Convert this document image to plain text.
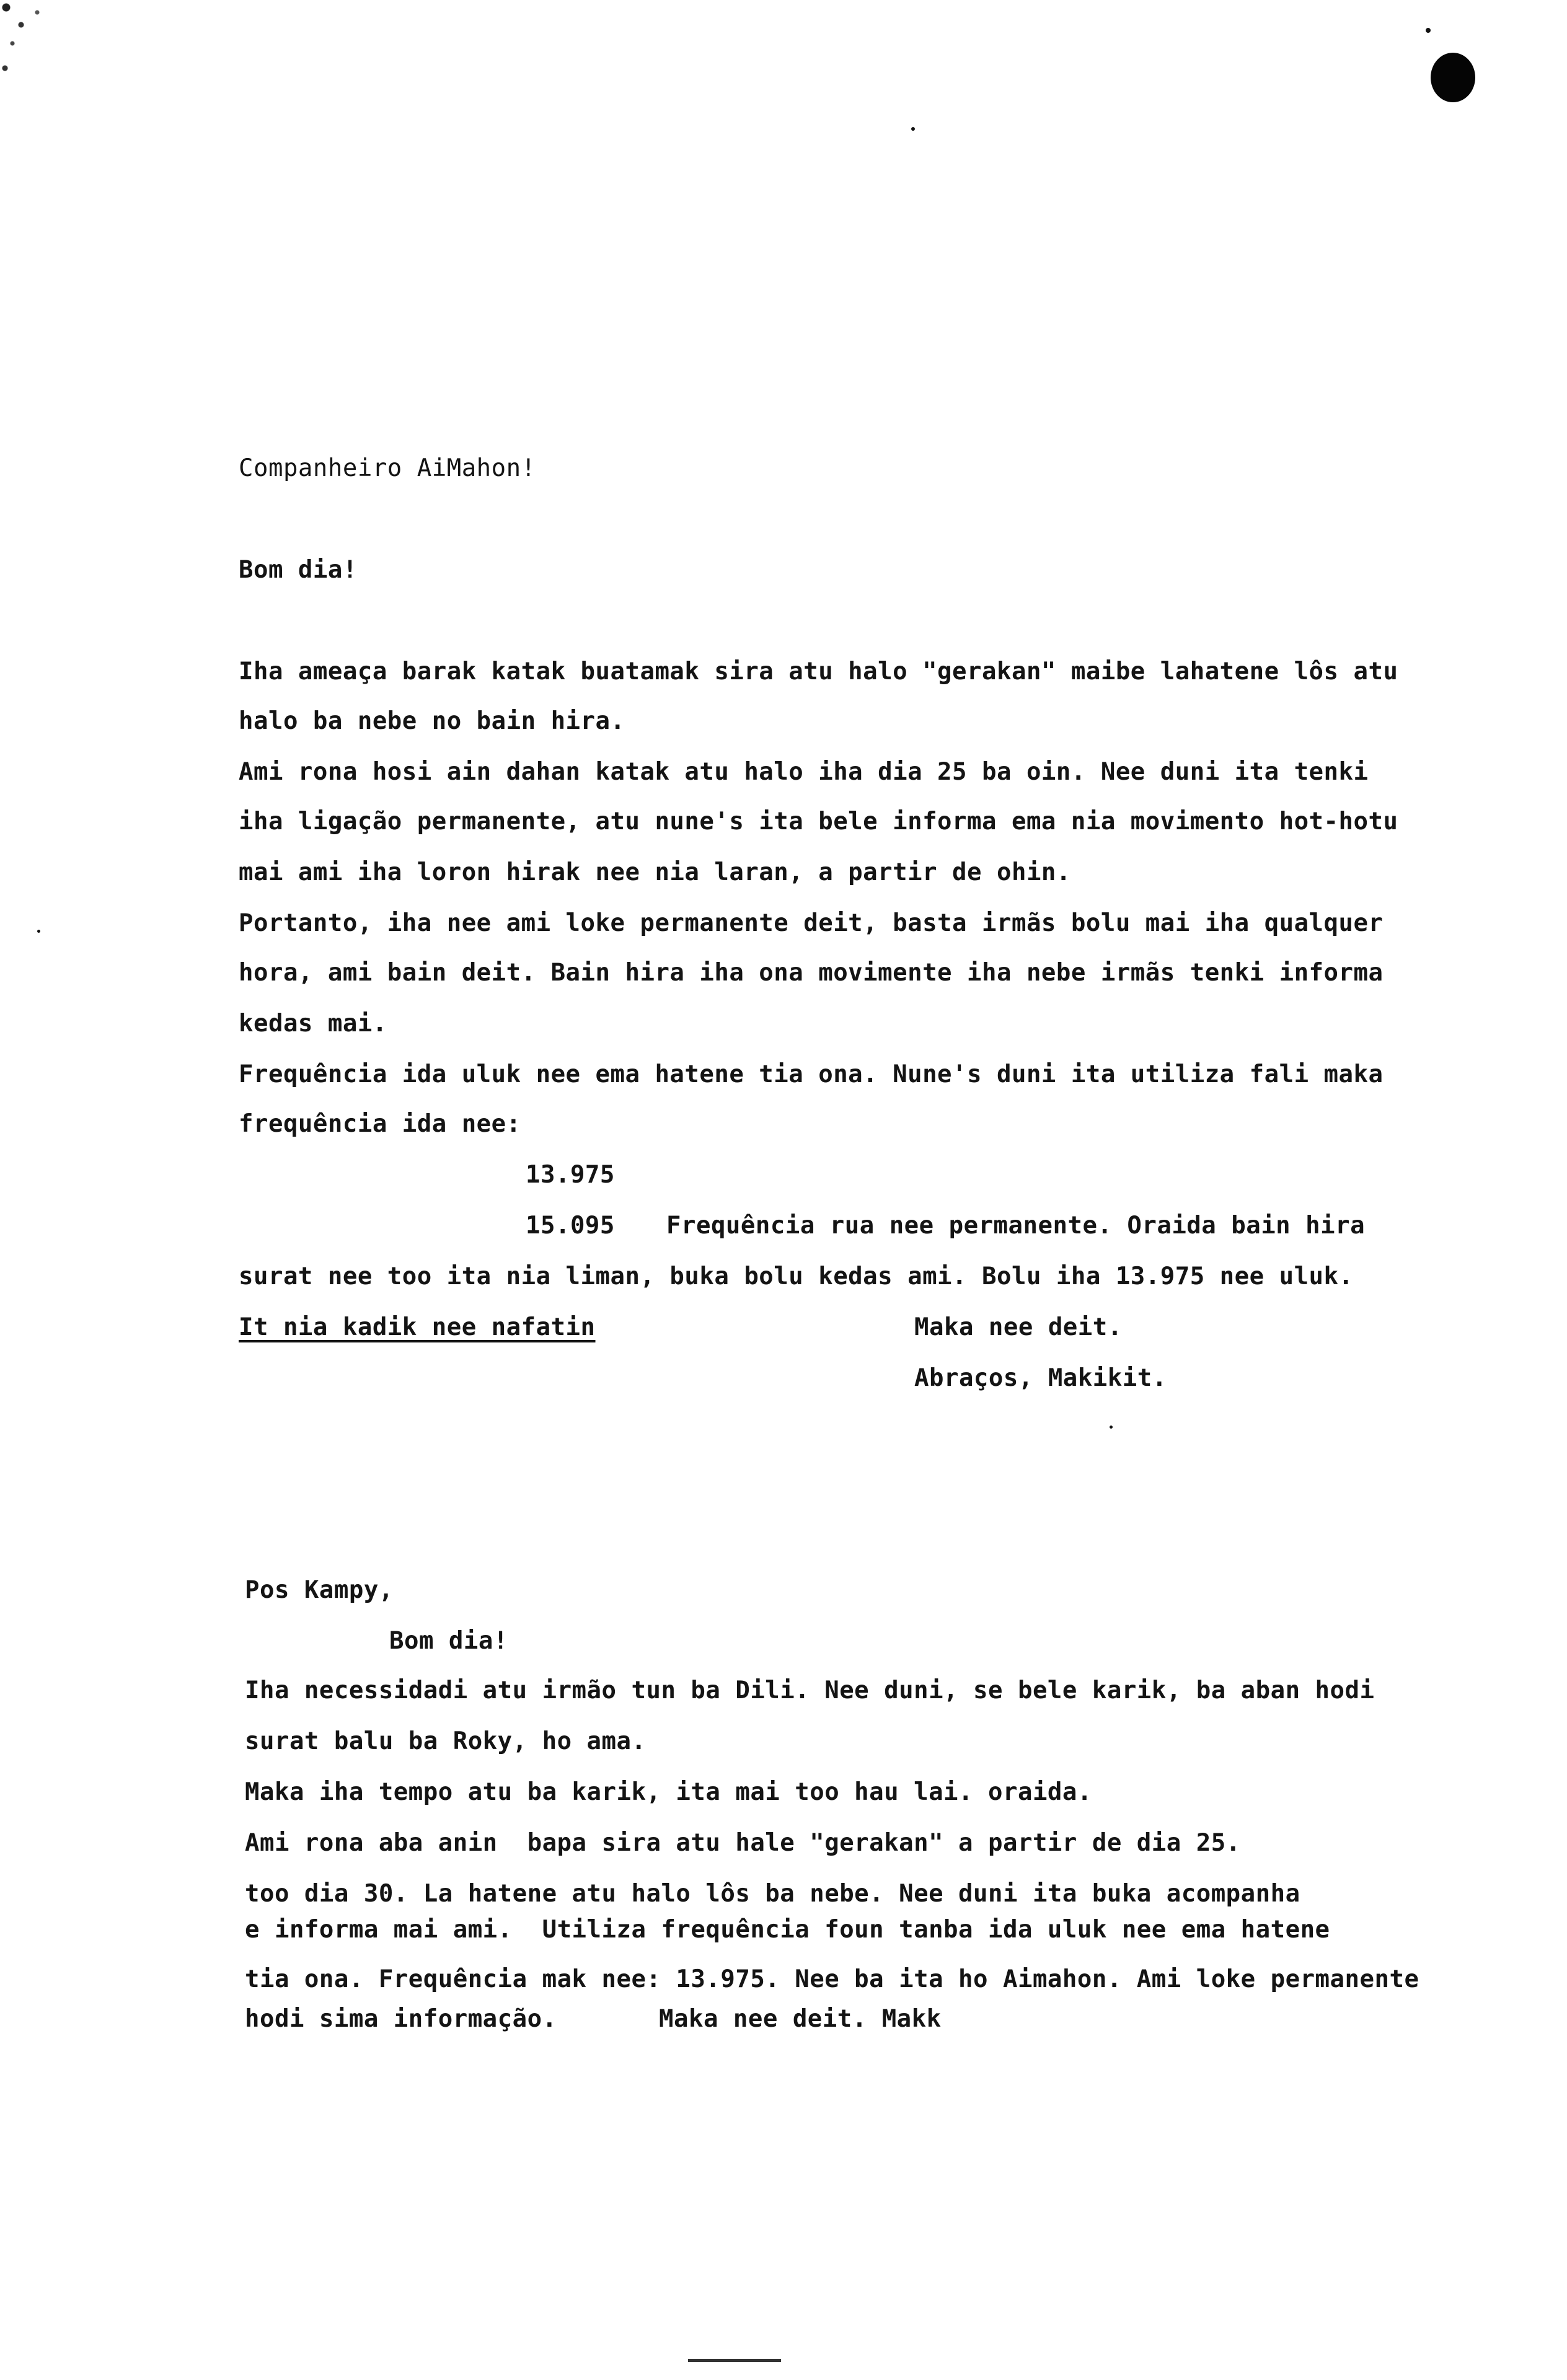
Companheiro AiMahon!
Bom dia!
Iha ameaça barak katak buatamak sira atu halo "gerakan" maibe lahatene lôs atu
halo ba nebe no bain hira.
Ami rona hosi ain dahan katak atu halo iha dia 25 ba oin. Nee duni ita tenki
iha ligação permanente, atu nune's ita bele informa ema nia movimento hot-hotu
mai ami iha loron hirak nee nia laran, a partir de ohin.
Portanto, iha nee ami loke permanente deit, basta irmãs bolu mai iha qualquer
hora, ami bain deit. Bain hira iha ona movimente iha nebe irmãs tenki informa
kedas mai.
Frequência ida uluk nee ema hatene tia ona. Nune's duni ita utiliza fali maka
frequência ida nee:
13.975
15.095 Frequência rua nee permanente. Oraida bain hira
surat nee too ita nia liman, buka bolu kedas ami. Bolu iha 13.975 nee uluk.
It nia kadik nee nafatin	Maka nee deit.
Abraços, Makikit.
Pos Kampy,
Bom dia!
Iha necessidadi atu irmão tun ba Dili. Nee duni, se bele karik, ba aban hodi
surat balu ba Roky, ho ama.
Maka iha tempo atu ba karik, ita mai too hau lai. oraida.
Ami rona aba anin  bapa sira atu hale "gerakan" a partir de dia 25.
too dia 30. La hatene atu halo lôs ba nebe. Nee duni ita buka acompanha
e informa mai ami.  Utiliza frequência foun tanba ida uluk nee ema hatene
tia ona. Frequência mak nee: 13.975. Nee ba ita ho Aimahon. Ami loke permanente
hodi sima informação.	Maka nee deit. Makk
